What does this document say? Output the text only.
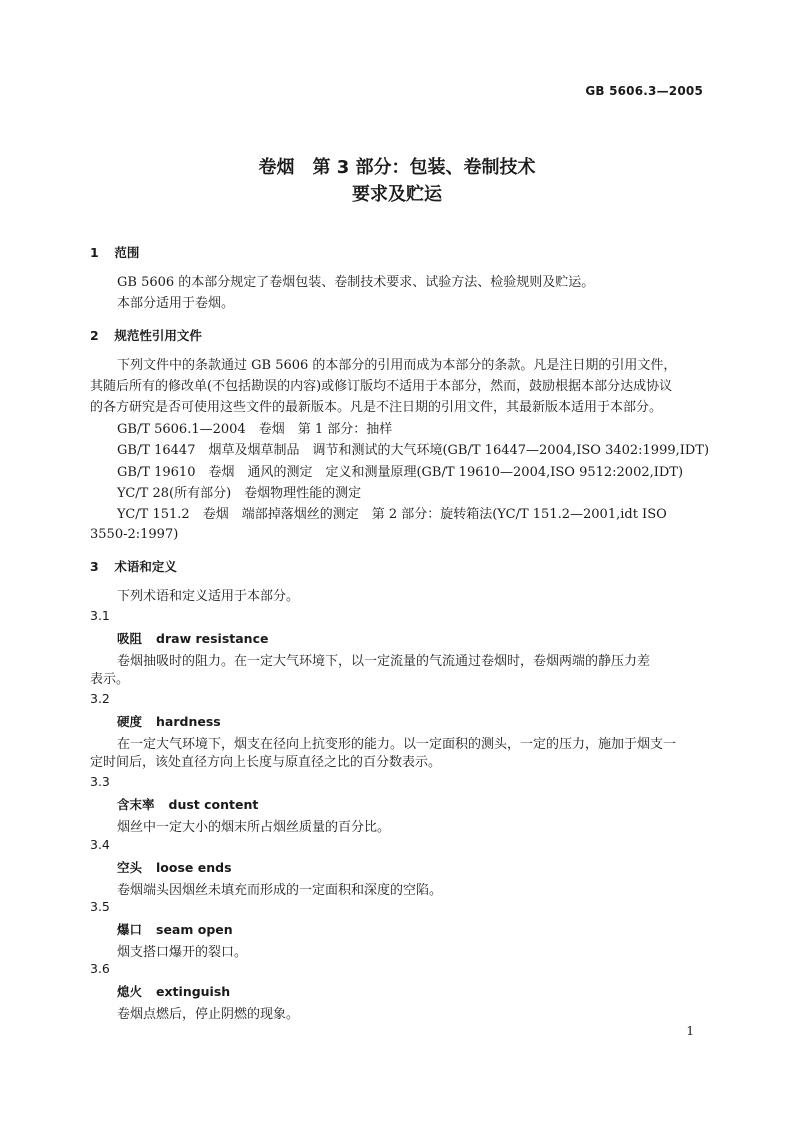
GB 5606.3—2005
卷烟　第 3 部分：包装、卷制技术
要求及贮运
1 范围
GB 5606 的本部分规定了卷烟包装、卷制技术要求、试验方法、检验规则及贮运。
本部分适用于卷烟。
2 规范性引用文件
下列文件中的条款通过 GB 5606 的本部分的引用而成为本部分的条款。凡是注日期的引用文件，
其随后所有的修改单(不包括勘误的内容)或修订版均不适用于本部分，然而，鼓励根据本部分达成协议
的各方研究是否可使用这些文件的最新版本。凡是不注日期的引用文件，其最新版本适用于本部分。
GB/T 5606.1—2004　卷烟　第 1 部分：抽样
GB/T 16447　烟草及烟草制品　调节和测试的大气环境(GB/T 16447—2004,ISO 3402:1999,IDT)
GB/T 19610　卷烟　通风的测定　定义和测量原理(GB/T 19610—2004,ISO 9512:2002,IDT)
YC/T 28(所有部分)　卷烟物理性能的测定
YC/T 151.2　卷烟　端部掉落烟丝的测定　第 2 部分：旋转箱法(YC/T 151.2—2001,idt ISO
3550-2:1997)
3 术语和定义
下列术语和定义适用于本部分。
3.1
吸阻 draw resistance
卷烟抽吸时的阻力。在一定大气环境下，以一定流量的气流通过卷烟时，卷烟两端的静压力差
表示。
3.2
硬度 hardness
在一定大气环境下，烟支在径向上抗变形的能力。以一定面积的测头，一定的压力，施加于烟支一
定时间后，该处直径方向上长度与原直径之比的百分数表示。
3.3
含末率 dust content
烟丝中一定大小的烟末所占烟丝质量的百分比。
3.4
空头 loose ends
卷烟端头因烟丝未填充而形成的一定面积和深度的空陷。
3.5
爆口 seam open
烟支搭口爆开的裂口。
3.6
熄火 extinguish
卷烟点燃后，停止阴燃的现象。
1
